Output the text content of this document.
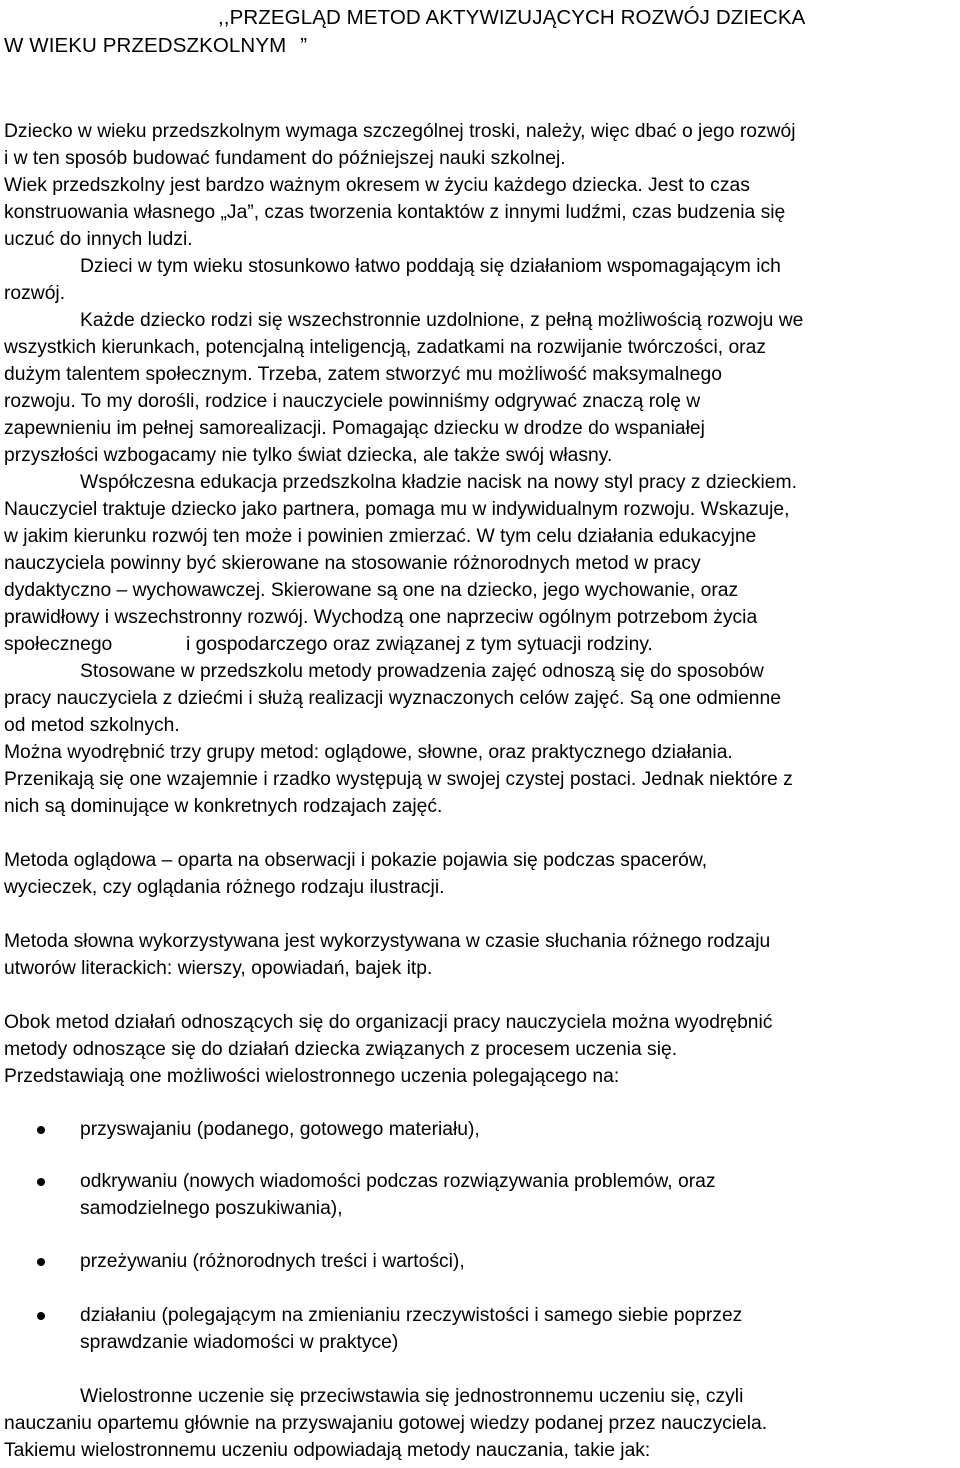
,,PRZEGLĄD METOD AKTYWIZUJĄCYCH ROZWÓJ DZIECKA
W WIEKU PRZEDSZKOLNYM ”
Dziecko w wieku przedszkolnym wymaga szczególnej troski, należy, więc dbać o jego rozwój
i w ten sposób budować fundament do późniejszej nauki szkolnej.
Wiek przedszkolny jest bardzo ważnym okresem w życiu każdego dziecka. Jest to czas
konstruowania własnego „Ja”, czas tworzenia kontaktów z innymi ludźmi, czas budzenia się
uczuć do innych ludzi.
Dzieci w tym wieku stosunkowo łatwo poddają się działaniom wspomagającym ich
rozwój.
Każde dziecko rodzi się wszechstronnie uzdolnione, z pełną możliwością rozwoju we
wszystkich kierunkach, potencjalną inteligencją, zadatkami na rozwijanie twórczości, oraz
dużym talentem społecznym. Trzeba, zatem stworzyć mu możliwość maksymalnego
rozwoju. To my dorośli, rodzice i nauczyciele powinniśmy odgrywać znaczą rolę w
zapewnieniu im pełnej samorealizacji. Pomagając dziecku w drodze do wspaniałej
przyszłości wzbogacamy nie tylko świat dziecka, ale także swój własny.
Współczesna edukacja przedszkolna kładzie nacisk na nowy styl pracy z dzieckiem.
Nauczyciel traktuje dziecko jako partnera, pomaga mu w indywidualnym rozwoju. Wskazuje,
w jakim kierunku rozwój ten może i powinien zmierzać. W tym celu działania edukacyjne
nauczyciela powinny być skierowane na stosowanie różnorodnych metod w pracy
dydaktyczno – wychowawczej. Skierowane są one na dziecko, jego wychowanie, oraz
prawidłowy i wszechstronny rozwój. Wychodzą one naprzeciw ogólnym potrzebom życia
społecznego	i gospodarczego oraz związanej z tym sytuacji rodziny.
Stosowane w przedszkolu metody prowadzenia zajęć odnoszą się do sposobów
pracy nauczyciela z dziećmi i służą realizacji wyznaczonych celów zajęć. Są one odmienne
od metod szkolnych.
Można wyodrębnić trzy grupy metod: oglądowe, słowne, oraz praktycznego działania.
Przenikają się one wzajemnie i rzadko występują w swojej czystej postaci. Jednak niektóre z
nich są dominujące w konkretnych rodzajach zajęć.
Metoda oglądowa – oparta na obserwacji i pokazie pojawia się podczas spacerów,
wycieczek, czy oglądania różnego rodzaju ilustracji.
Metoda słowna wykorzystywana jest wykorzystywana w czasie słuchania różnego rodzaju
utworów literackich: wierszy, opowiadań, bajek itp.
Obok metod działań odnoszących się do organizacji pracy nauczyciela można wyodrębnić
metody odnoszące się do działań dziecka związanych z procesem uczenia się.
Przedstawiają one możliwości wielostronnego uczenia polegającego na:
przyswajaniu (podanego, gotowego materiału),
odkrywaniu (nowych wiadomości podczas rozwiązywania problemów, oraz
samodzielnego poszukiwania),
przeżywaniu (różnorodnych treści i wartości),
działaniu (polegającym na zmienianiu rzeczywistości i samego siebie poprzez
sprawdzanie wiadomości w praktyce)
Wielostronne uczenie się przeciwstawia się jednostronnemu uczeniu się, czyli
nauczaniu opartemu głównie na przyswajaniu gotowej wiedzy podanej przez nauczyciela.
Takiemu wielostronnemu uczeniu odpowiadają metody nauczania, takie jak:
